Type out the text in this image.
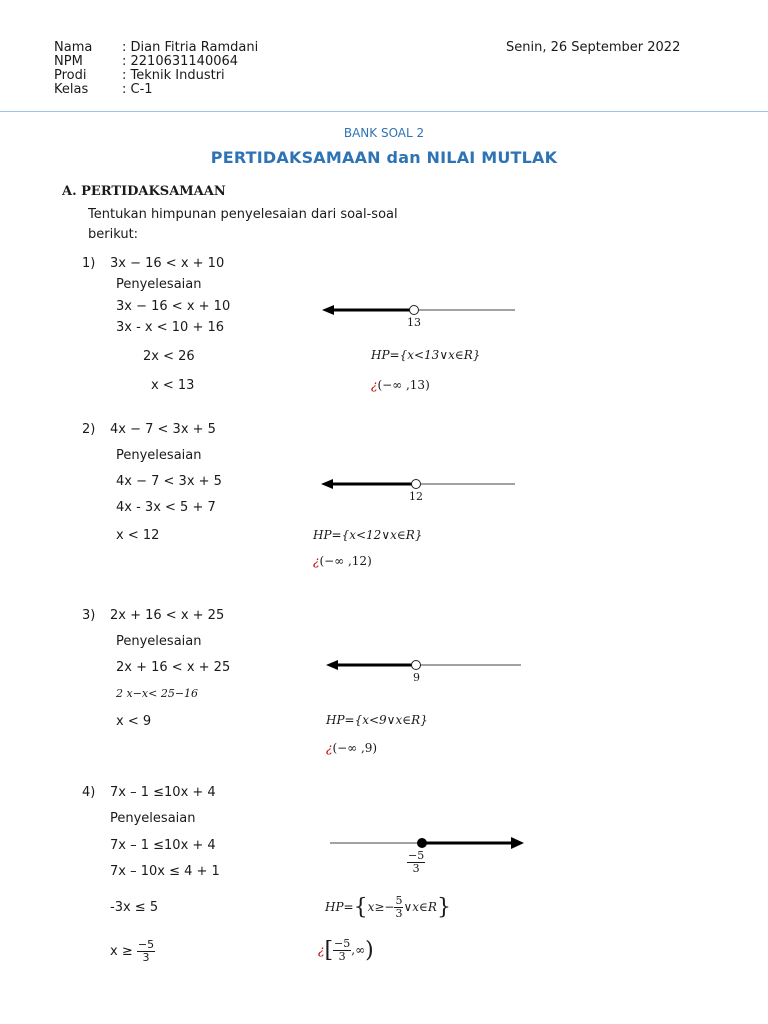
Nama : Dian Fitria Ramdani
NPM	: 2210631140064
Prodi	: Teknik Industri
Kelas	: C-1
Senin, 26 September 2022
BANK SOAL 2
PERTIDAKSAMAAN dan NILAI MUTLAK
A. PERTIDAKSAMAAN
Tentukan himpunan penyelesaian dari soal-soal
berikut:
1) 3x − 16 < x + 10
Penyelesaian
3x − 16 < x + 10
3x - x < 10 + 16
2x < 26
x < 13
13
HP={x<13∨x∈R}
¿(−∞ ,13)
2) 4x − 7 < 3x + 5
Penyelesaian
4x − 7 < 3x + 5
4x - 3x < 5 + 7
x < 12
12
HP={x<12∨x∈R}
¿(−∞ ,12)
3) 2x + 16 < x + 25
Penyelesaian
2x + 16 < x + 25
2 x−x< 25−16
x < 9
9
HP={x<9∨x∈R}
¿(−∞ ,9)
4) 7x – 1 ≤10x + 4
Penyelesaian
7x – 1 ≤10x + 4
7x – 10x ≤ 4 + 1
-3x ≤ 5
$x \ge \frac{-5}{3}$
$\frac{-5}{3}$
$HP=\{x\ge- \frac{5}{3}$ ∨x∈R}
¿[ $\frac{-5}{3}$ ,∞)
